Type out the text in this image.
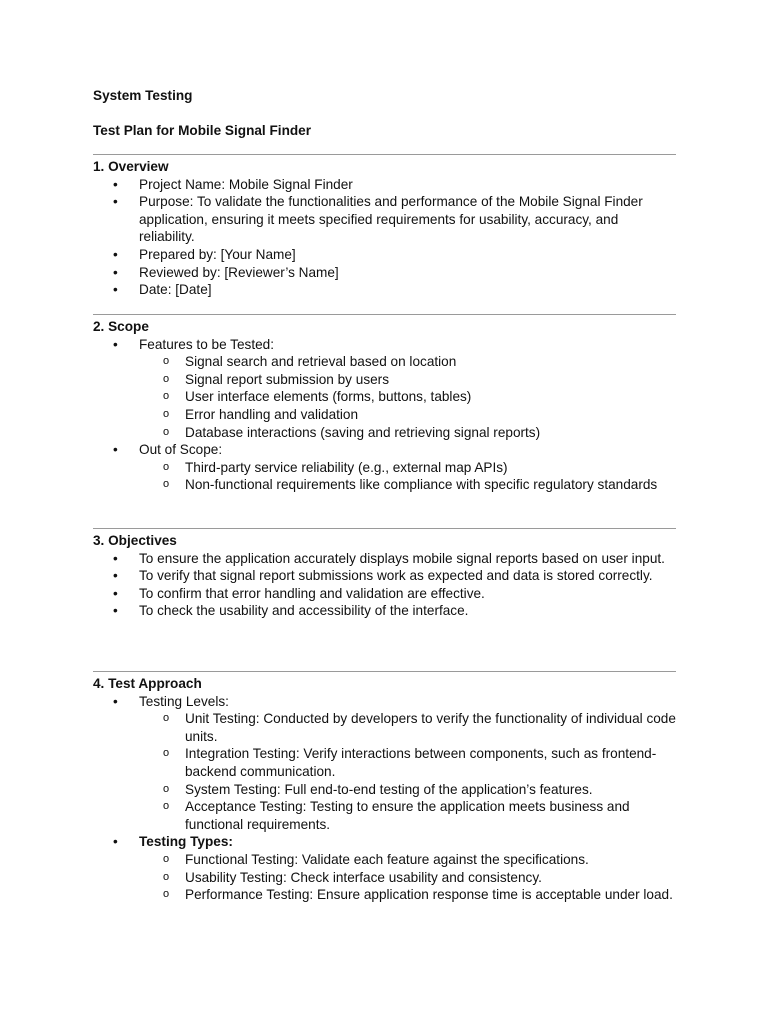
System Testing
Test Plan for Mobile Signal Finder
1. Overview
• Project Name: Mobile Signal Finder
• Purpose: To validate the functionalities and performance of the Mobile Signal Finder application, ensuring it meets specified requirements for usability, accuracy, and reliability.
• Prepared by: [Your Name]
• Reviewed by: [Reviewer’s Name]
• Date: [Date]
2. Scope
• Features to be Tested:
o Signal search and retrieval based on location
o Signal report submission by users
o User interface elements (forms, buttons, tables)
o Error handling and validation
o Database interactions (saving and retrieving signal reports)
• Out of Scope:
o Third-party service reliability (e.g., external map APIs)
o Non-functional requirements like compliance with specific regulatory standards
3. Objectives
• To ensure the application accurately displays mobile signal reports based on user input.
• To verify that signal report submissions work as expected and data is stored correctly.
• To confirm that error handling and validation are effective.
• To check the usability and accessibility of the interface.
4. Test Approach
• Testing Levels:
o Unit Testing: Conducted by developers to verify the functionality of individual code units.
o Integration Testing: Verify interactions between components, such as frontend-backend communication.
o System Testing: Full end-to-end testing of the application’s features.
o Acceptance Testing: Testing to ensure the application meets business and functional requirements.
• Testing Types:
o Functional Testing: Validate each feature against the specifications.
o Usability Testing: Check interface usability and consistency.
o Performance Testing: Ensure application response time is acceptable under load.
